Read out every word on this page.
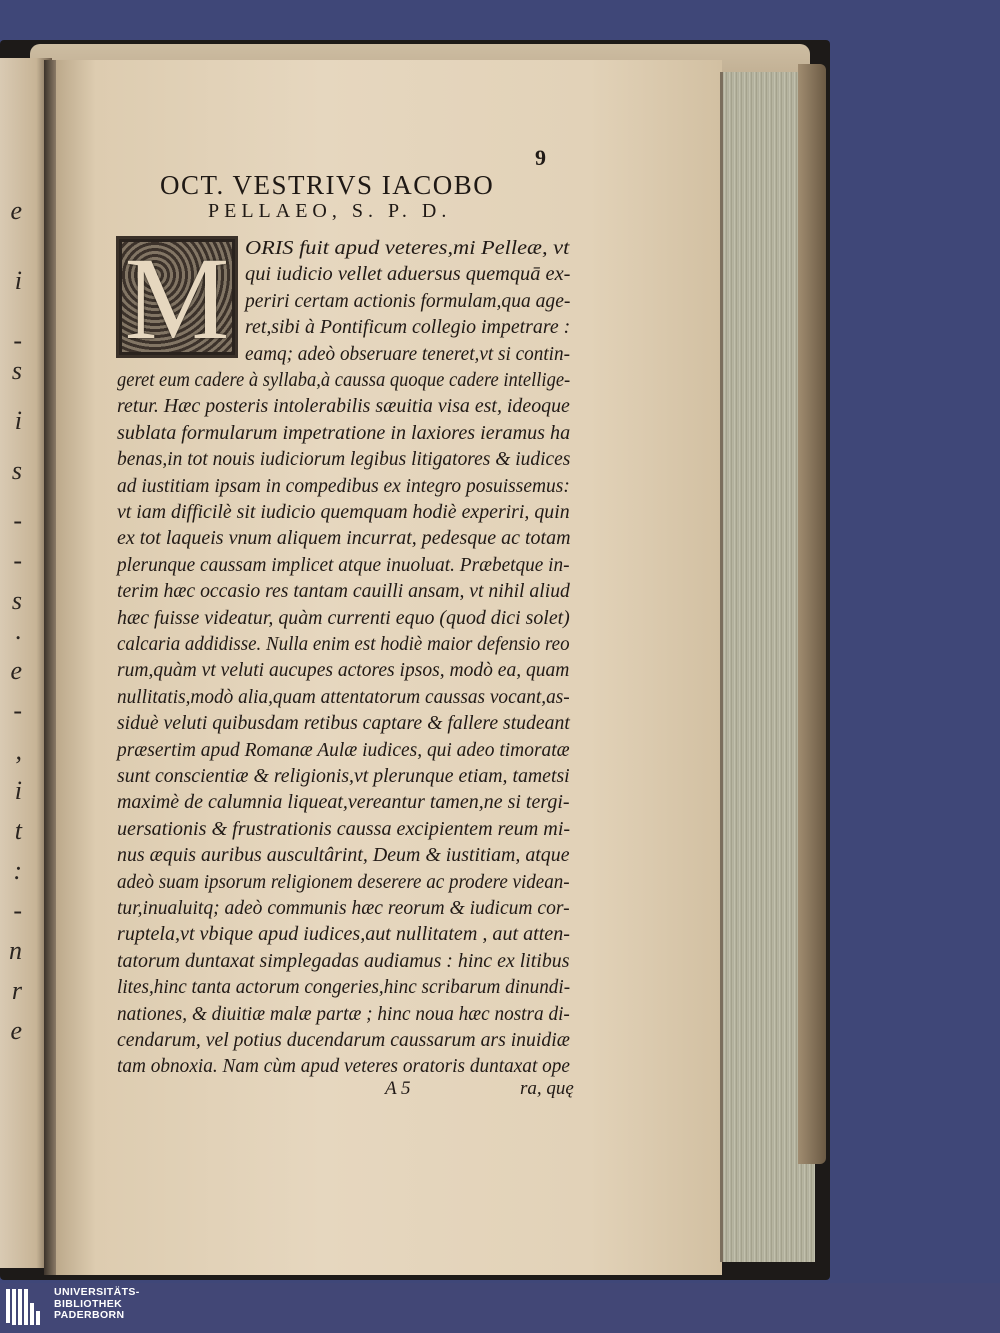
e
i
-
s
i
s
-
-
s
.
e
-
,
i
t
:
-
n
r
e
9
OCT. VESTRIVS IACOBO
PELLAEO, S. P. D.
M ORIS fuit apud veteres,mi Pelleæ, vt
qui iudicio vellet aduersus quemquā ex-
periri certam actionis formulam,qua age-
ret,sibi à Pontificum collegio impetrare :
eamq; adeò obseruare teneret,vt si contin-
geret eum cadere à syllaba,à caussa quoque cadere intellige-
retur. Hæc posteris intolerabilis sæuitia visa est, ideoque
sublata formularum impetratione in laxiores ieramus ha
benas,in tot nouis iudiciorum legibus litigatores & iudices
ad iustitiam ipsam in compedibus ex integro posuissemus:
vt iam difficilè sit iudicio quemquam hodiè experiri, quin
ex tot laqueis vnum aliquem incurrat, pedesque ac totam
plerunque caussam implicet atque inuoluat. Præbetque in-
terim hæc occasio res tantam cauilli ansam, vt nihil aliud
hæc fuisse videatur, quàm currenti equo (quod dici solet)
calcaria addidisse. Nulla enim est hodiè maior defensio reo
rum,quàm vt veluti aucupes actores ipsos, modò ea, quam
nullitatis,modò alia,quam attentatorum caussas vocant,as-
siduè veluti quibusdam retibus captare & fallere studeant
præsertim apud Romanæ Aulæ iudices, qui adeo timoratæ
sunt conscientiæ & religionis,vt plerunque etiam, tametsi
maximè de calumnia liqueat,vereantur tamen,ne si tergi-
uersationis & frustrationis caussa excipientem reum mi-
nus æquis auribus auscultârint, Deum & iustitiam, atque
adeò suam ipsorum religionem deserere ac prodere videan-
tur,inualuitq; adeò communis hæc reorum & iudicum cor-
ruptela,vt vbique apud iudices,aut nullitatem , aut atten-
tatorum duntaxat simplegadas audiamus : hinc ex litibus
lites,hinc tanta actorum congeries,hinc scribarum dinundi-
nationes, & diuitiæ malæ partæ ; hinc noua hæc nostra di-
cendarum, vel potius ducendarum caussarum ars inuidiæ
tam obnoxia. Nam cùm apud veteres oratoris duntaxat ope
A 5	ra, quę
UNIVERSITÄTS-
BIBLIOTHEK
PADERBORN
